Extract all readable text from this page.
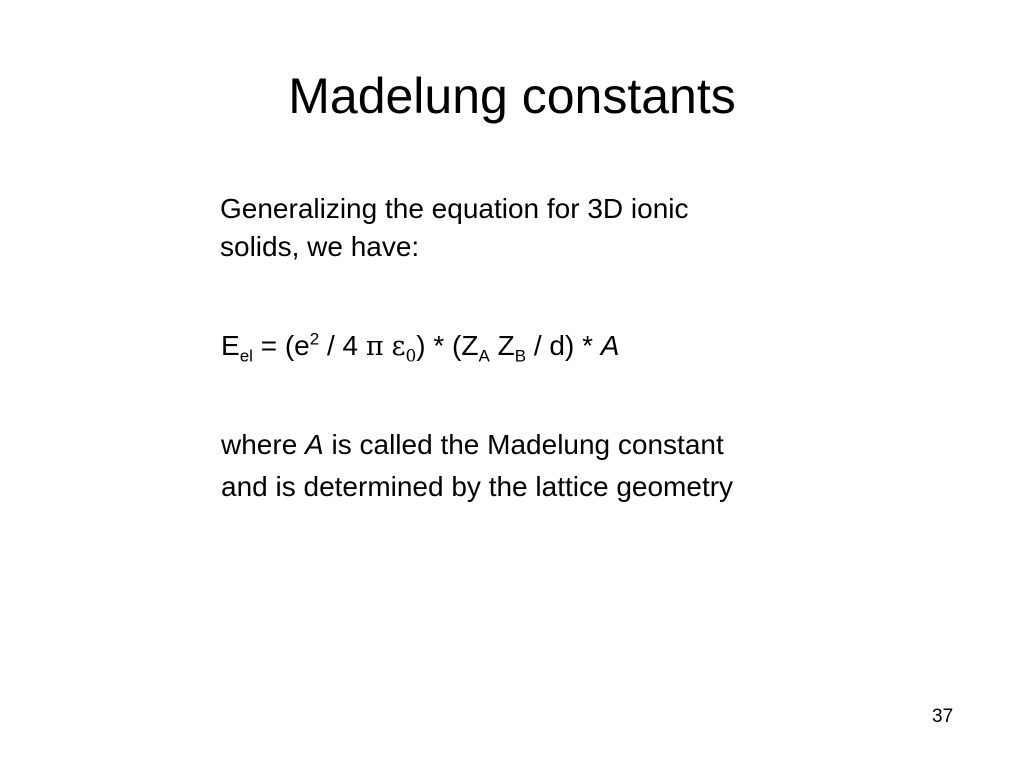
Madelung constants
Generalizing the equation for 3D ionic
solids, we have:
$E_{el} = (e^2 / 4$ π $\varepsilon_0) * (Z_A$ $Z_B / d$) * A
where A is called the Madelung constant
and is determined by the lattice geometry
37
